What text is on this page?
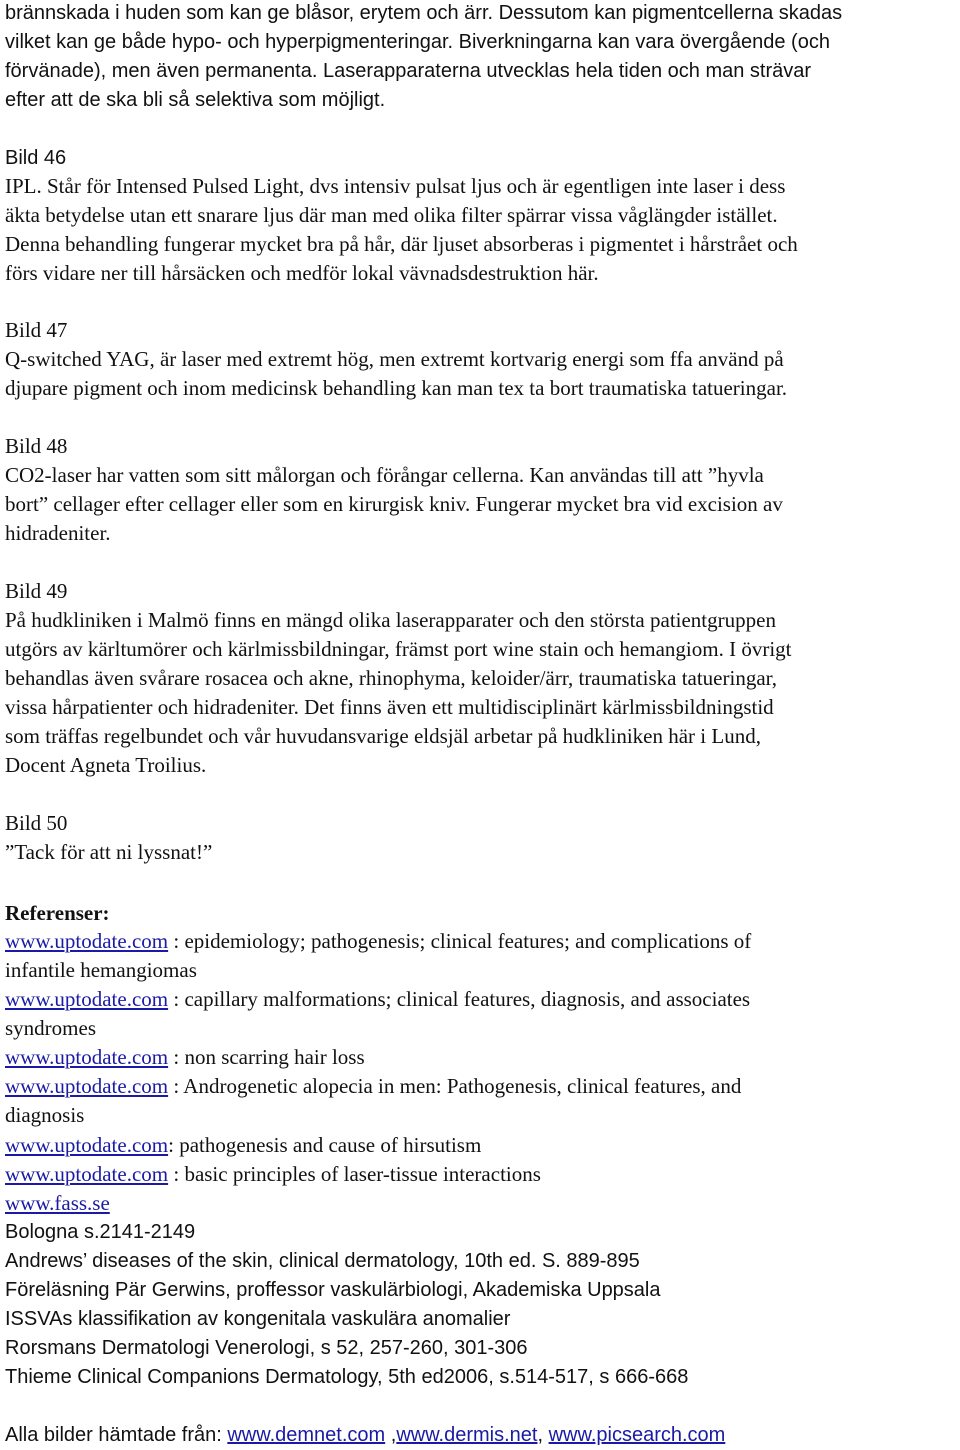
brännskada i huden som kan ge blåsor, erytem och ärr. Dessutom kan pigmentcellerna skadas
vilket kan ge både hypo- och hyperpigmenteringar. Biverkningarna kan vara övergående (och
förvänade), men även permanenta. Laserapparaterna utvecklas hela tiden och man strävar
efter att de ska bli så selektiva som möjligt.
Bild 46
IPL. Står för Intensed Pulsed Light, dvs intensiv pulsat ljus och är egentligen inte laser i dess
äkta betydelse utan ett snarare ljus där man med olika filter spärrar vissa våglängder istället.
Denna behandling fungerar mycket bra på hår, där ljuset absorberas i pigmentet i hårstrået och
förs vidare ner till hårsäcken och medför lokal vävnadsdestruktion här.
Bild 47
Q-switched YAG, är laser med extremt hög, men extremt kortvarig energi som ffa använd på
djupare pigment och inom medicinsk behandling kan man tex ta bort traumatiska tatueringar.
Bild 48
CO2-laser har vatten som sitt målorgan och förångar cellerna. Kan användas till att ”hyvla
bort” cellager efter cellager eller som en kirurgisk kniv. Fungerar mycket bra vid excision av
hidradeniter.
Bild 49
På hudkliniken i Malmö finns en mängd olika laserapparater och den största patientgruppen
utgörs av kärltumörer och kärlmissbildningar, främst port wine stain och hemangiom. I övrigt
behandlas även svårare rosacea och akne, rhinophyma, keloider/ärr, traumatiska tatueringar,
vissa hårpatienter och hidradeniter. Det finns även ett multidisciplinärt kärlmissbildningstid
som träffas regelbundet och vår huvudansvarige eldsjäl arbetar på hudkliniken här i Lund,
Docent Agneta Troilius.
Bild 50
”Tack för att ni lyssnat!”
Referenser:
www.uptodate.com : epidemiology; pathogenesis; clinical features; and complications of
infantile hemangiomas
www.uptodate.com : capillary malformations; clinical features, diagnosis, and associates
syndromes
www.uptodate.com : non scarring hair loss
www.uptodate.com : Androgenetic alopecia in men: Pathogenesis, clinical features, and
diagnosis
www.uptodate.com: pathogenesis and cause of hirsutism
www.uptodate.com : basic principles of laser-tissue interactions
www.fass.se
Bologna s.2141-2149
Andrews’ diseases of the skin, clinical dermatology, 10th ed. S. 889-895
Föreläsning Pär Gerwins, proffessor vaskulärbiologi, Akademiska Uppsala
ISSVAs klassifikation av kongenitala vaskulära anomalier
Rorsmans Dermatologi Venerologi, s 52, 257-260, 301-306
Thieme Clinical Companions Dermatology, 5th ed2006, s.514-517, s 666-668
Alla bilder hämtade från: www.demnet.com ,www.dermis.net, www.picsearch.com
